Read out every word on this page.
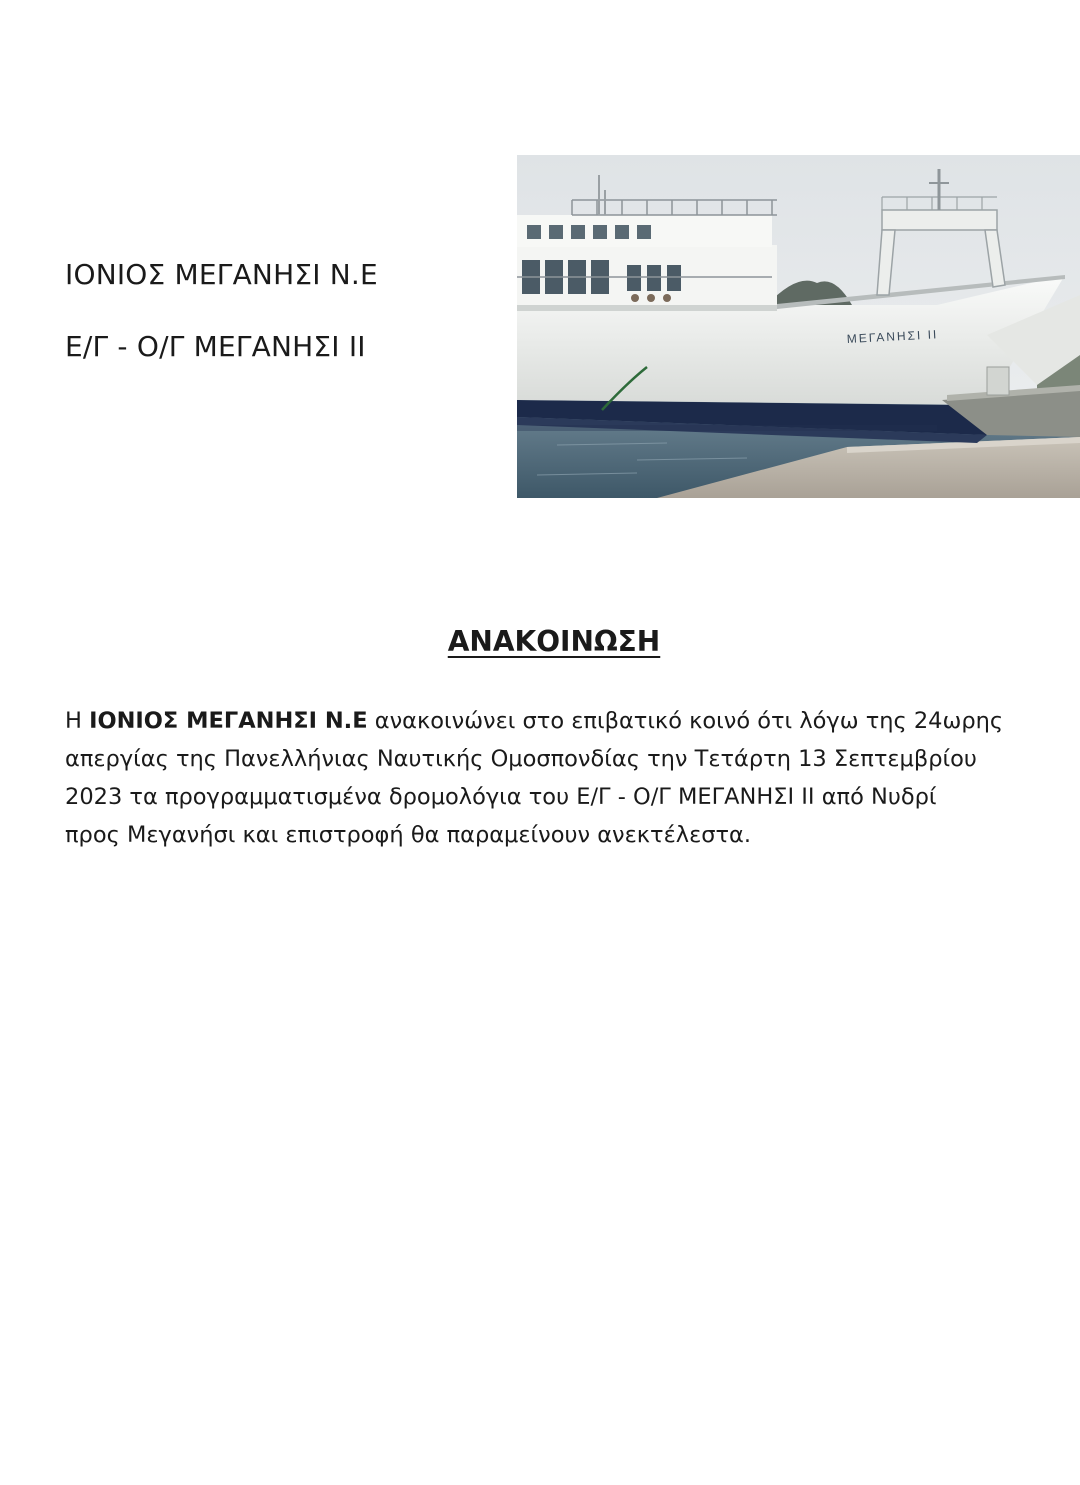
ΙΟΝΙΟΣ ΜΕΓΑΝΗΣΙ Ν.Ε
Ε/Γ - Ο/Γ ΜΕΓΑΝΗΣΙ ΙΙ	ΜΕΓΑΝΗΣΙ ΙΙ
ΑΝΑΚΟΙΝΩΣΗ
Η ΙΟΝΙΟΣ ΜΕΓΑΝΗΣΙ Ν.Ε ανακοινώνει στο επιβατικό κοινό ότι λόγω της 24ωρης
απεργίας της Πανελλήνιας Ναυτικής Ομοσπονδίας την Τετάρτη 13 Σεπτεμβρίου
2023 τα προγραμματισμένα δρομολόγια του Ε/Γ - Ο/Γ ΜΕΓΑΝΗΣΙ ΙΙ από Νυδρί
προς Μεγανήσι και επιστροφή θα παραμείνουν ανεκτέλεστα.
